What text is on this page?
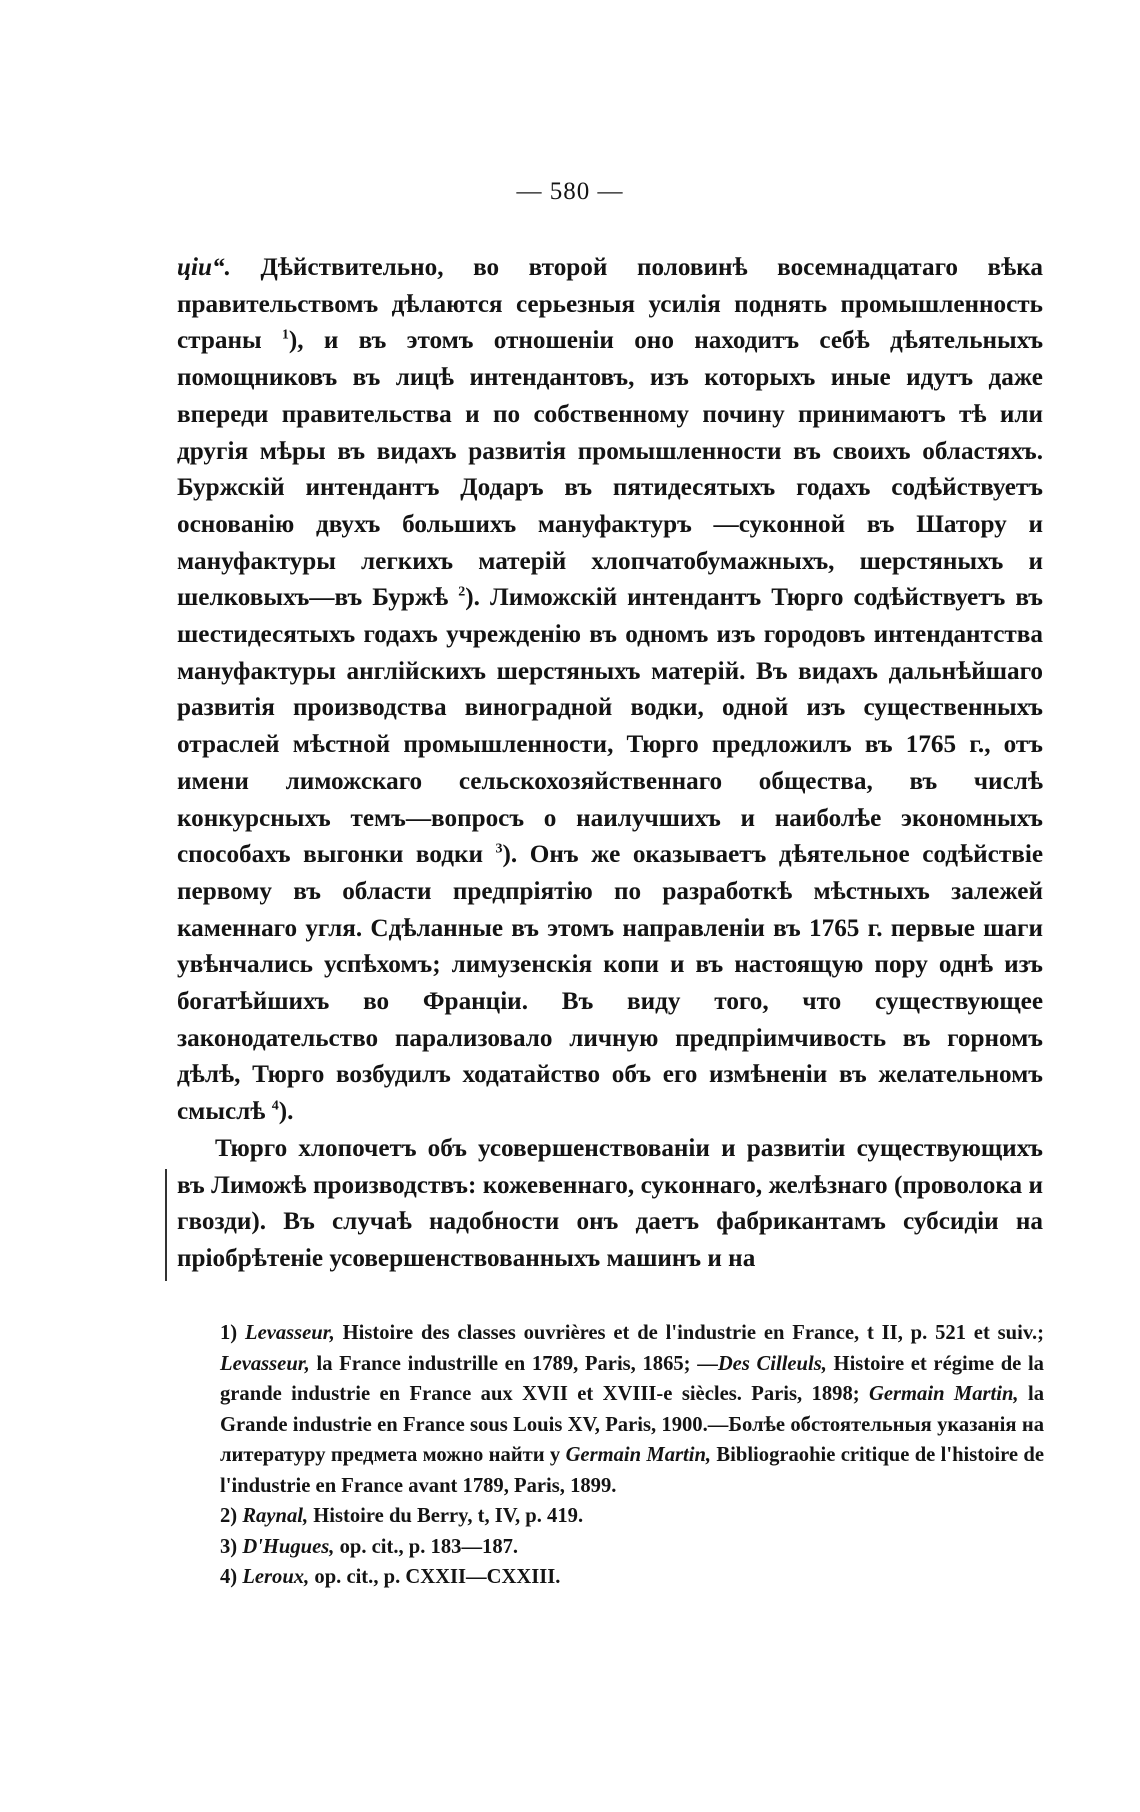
— 580 —

ціи“. Дѣйствительно, во второй половинѣ восемнадцатаго вѣка правительствомъ дѣлаются серьезныя усилія поднять промышленность страны $^1$), и въ этомъ отношеніи оно находитъ себѣ дѣятельныхъ помощниковъ въ лицѣ интендантовъ, изъ которыхъ иные идутъ даже впереди правительства и по собственному почину принимаютъ тѣ или другія мѣры въ видахъ развитія промышленности въ своихъ областяхъ. Буржскій интендантъ Додаръ въ пятидесятыхъ годахъ содѣйствуетъ основанію двухъ большихъ мануфактуръ —суконной въ Шатору и мануфактуры легкихъ матерій хлопчатобумажныхъ, шерстяныхъ и шелковыхъ—въ Буржѣ $^2$). Лиможскій интендантъ Тюрго содѣйствуетъ въ шестидесятыхъ годахъ учрежденію въ одномъ изъ городовъ интендантства мануфактуры англійскихъ шерстяныхъ матерій. Въ видахъ дальнѣйшаго развитія производства виноградной водки, одной изъ существенныхъ отраслей мѣстной промышленности, Тюрго предложилъ въ 1765 г., отъ имени лиможскаго сельскохозяйственнаго общества, въ числѣ конкурсныхъ темъ—вопросъ о наилучшихъ и наиболѣе экономныхъ способахъ выгонки водки $^3$). Онъ же оказываетъ дѣятельное содѣйствіе первому въ области предпріятію по разработкѣ мѣстныхъ залежей каменнаго угля. Сдѣланные въ этомъ направленіи въ 1765 г. первые шаги увѣнчались успѣхомъ; лимузенскія копи и въ настоящую пору однѣ изъ богатѣйшихъ во Франціи. Въ виду того, что существующее законодательство парализовало личную предпріимчивость въ горномъ дѣлѣ, Тюрго возбудилъ ходатайство объ его измѣненіи въ желательномъ смыслѣ $^4$).

Тюрго хлопочетъ объ усовершенствованіи и развитіи существующихъ въ Лиможѣ производствъ: кожевеннаго, суконнаго, желѣзнаго (проволока и гвозди). Въ случаѣ надобности онъ даетъ фабрикантамъ субсидіи на пріобрѣтеніе усовершенствованныхъ машинъ и на

1) Levasseur, Histoire des classes ouvrières et de l'industrie en France, t II, p. 521 et suiv.; Levasseur, la France industrille en 1789, Paris, 1865; —Des Cilleuls, Histoire et régime de la grande industrie en France aux XVII et XVIII-e siècles. Paris, 1898; Germain Martin, la Grande industrie en France sous Louis XV, Paris, 1900.—Болѣе обстоятельныя указанія на литературу предмета можно найти у Germain Martin, Bibliograohie critique de l'histoire de l'industrie en France avant 1789, Paris, 1899.

2) Raynal, Histoire du Berry, t, IV, p. 419.

3) D'Hugues, op. cit., p. 183—187.

4) Leroux, op. cit., p. CXXII—CXXIII.
